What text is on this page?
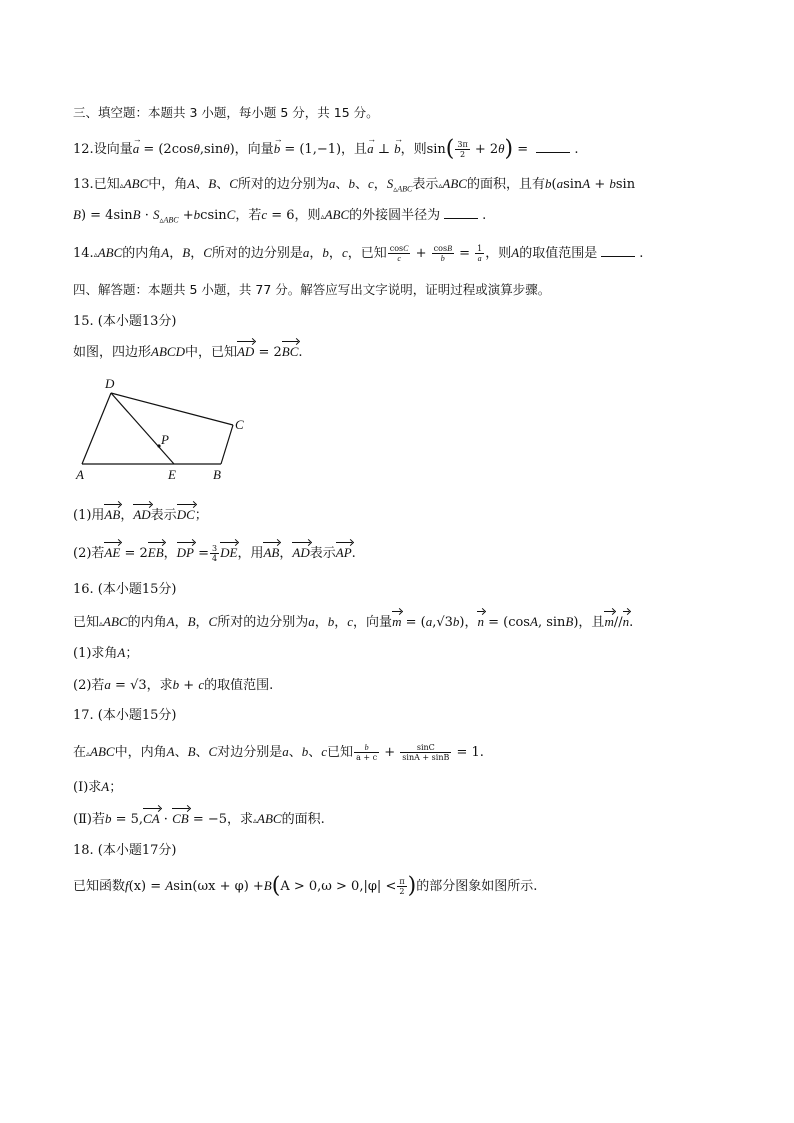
三、填空题：本题共 3 小题，每小题 5 分，共 15 分。
12.设向量→ a = (2cosθ,sinθ)，向量→ b = (1,−1)，且→ a ⊥ → b，则$\sin( \frac{3\pi}{2} + 2\theta)$ =	.
13.已知▵ABC中，角A、B、C所对的边分别为a、b、c，$S_{▵ABC}$表示▵ABC的面积，且有b(asinA + bsin
$B) = 4\sin B \cdot S_{▵ABC} +bcsinC$，若c = 6，则▵ABC的外接圆半径为	.
14.▵ABC的内角A，B，C所对的边分别是a，b，c，已知 $\frac{\cos C}{c} + \frac{\cos B}{b} = \frac{1}{a}$ ，则A的取值范围是	.
四、解答题：本题共 5 小题，共 77 分。解答应写出文字说明，证明过程或演算步骤。
15. (本小题13分)
如图，四边形ABCD中，已知AD = 2BC.
D
C
P
A	E	B
(1)用AB，AD表示DC；
(2)若AE = 2EB，DP = $\frac{3}{4}$ DE，用AB，AD表示AP.
16. (本小题15分)
已知▵ABC的内角A，B，C所对的边分别为a，b，c，向量m = (a,√3b)，n = (cosA, sinB)，且m//n.
(1)求角A；
(2)若a = √3，求b + c的取值范围.
17. (本小题15分)
在▵ABC中，内角A、B、C对边分别是a、b、c已知 $\frac{b}{a + c} + \frac{\sin C}{\sin A + \sin B} = 1$.
(Ⅰ)求A；
(Ⅱ)若b = 5,CA · CB = −5，求▵ABC的面积.
18. (本小题17分)
已知函数$f(x) = Asin(\omega x + \varphi) +B(A > 0,\omega > 0,|\varphi| < \frac{\pi}{2}$ )的部分图象如图所示.
